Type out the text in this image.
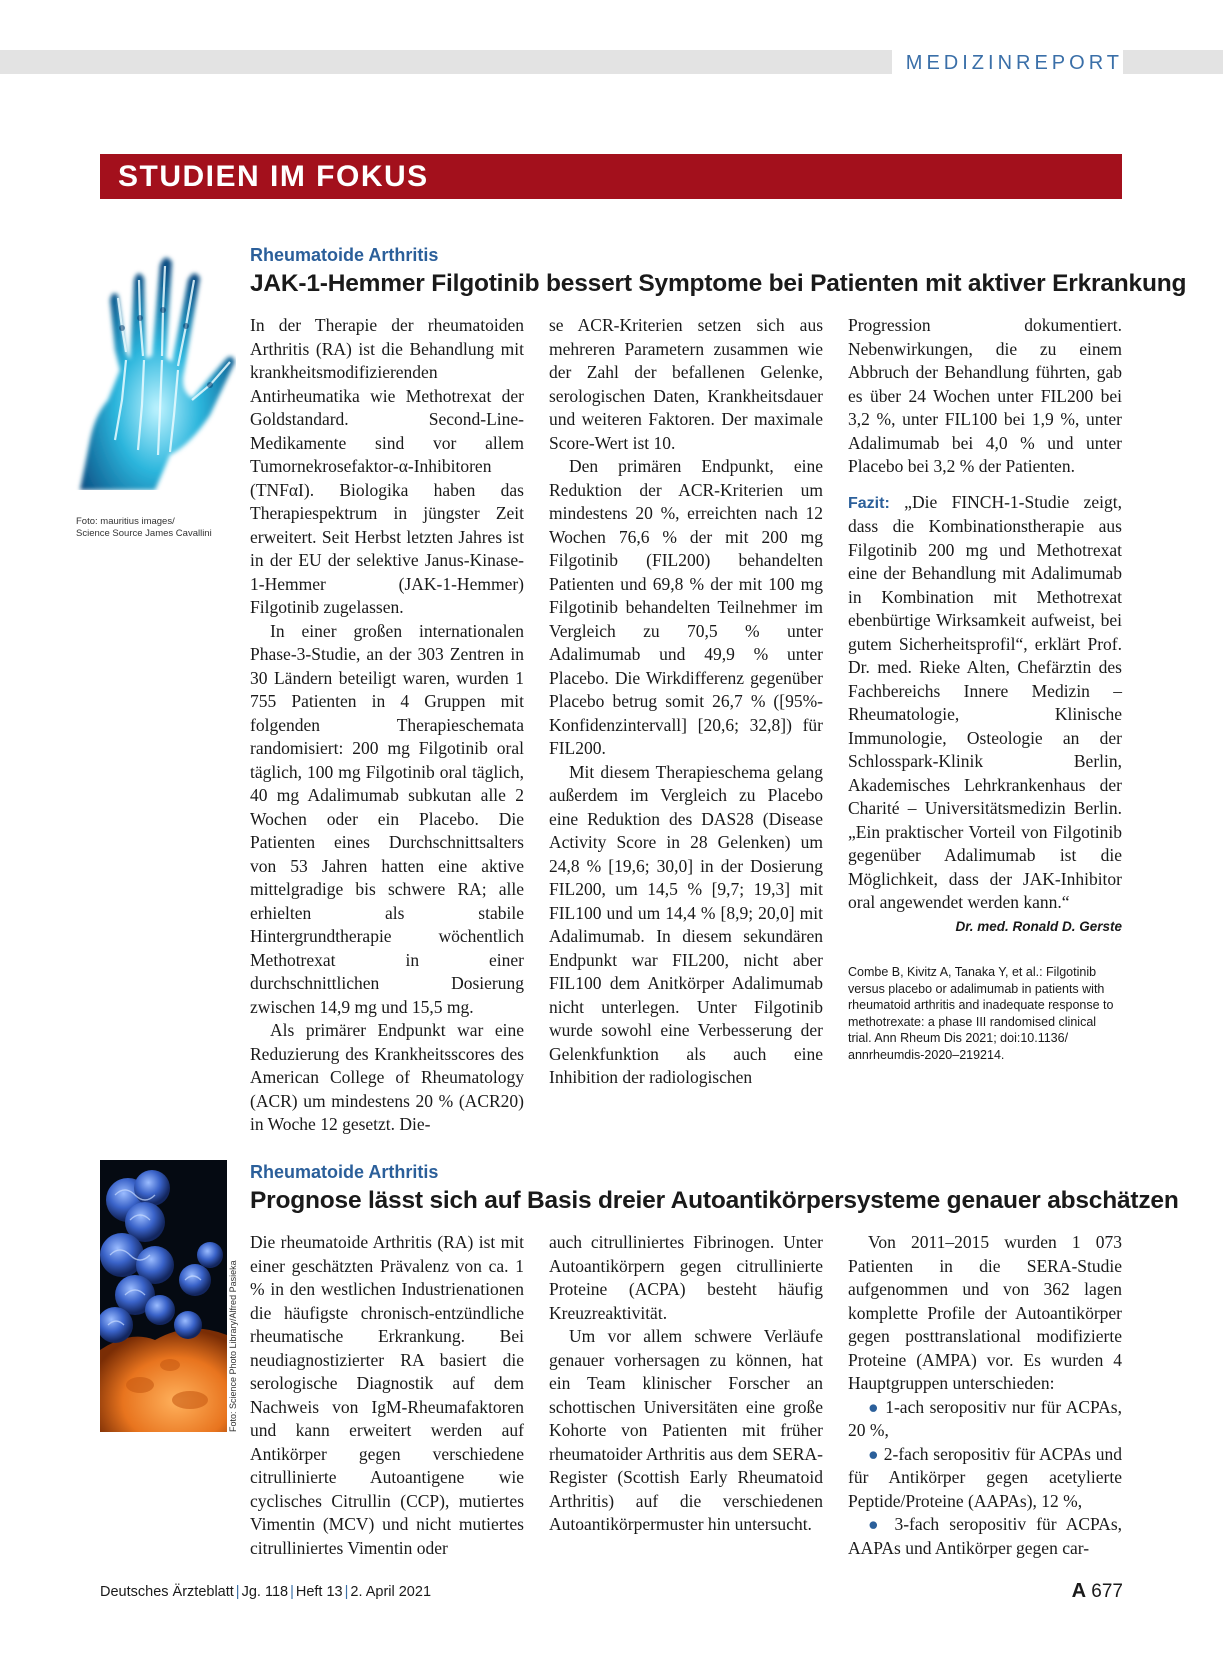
MEDIZINREPORT
STUDIEN IM FOKUS
Foto: mauritius images/
Science Source James Cavallini
Rheumatoide Arthritis
JAK-1-Hemmer Filgotinib bessert Symptome bei Patienten mit aktiver Erkrankung

In der Therapie der rheumatoiden Arthritis (RA) ist die Behandlung mit krankheitsmodifizierenden Antirheumatika wie Methotrexat der Goldstandard. Second-Line-Medikamente sind vor allem Tumornekrosefaktor-α-Inhibitoren (TNFαI). Biologika haben das Therapiespektrum in jüngster Zeit erweitert. Seit Herbst letzten Jahres ist in der EU der selektive Janus-Kinase-1-Hemmer (JAK-1-Hemmer) Filgotinib zugelassen.

In einer großen internationalen Phase-3-Studie, an der 303 Zentren in 30 Ländern beteiligt waren, wurden 1 755 Patienten in 4 Gruppen mit folgenden Therapieschemata randomisiert: 200 mg Filgotinib oral täglich, 100 mg Filgotinib oral täglich, 40 mg Adalimumab subkutan alle 2 Wochen oder ein Placebo. Die Patienten eines Durchschnittsalters von 53 Jahren hatten eine aktive mittelgradige bis schwere RA; alle erhielten als stabile Hintergrundtherapie wöchentlich Methotrexat in einer durchschnittlichen Dosierung zwischen 14,9 mg und 15,5 mg.

Als primärer Endpunkt war eine Reduzierung des Krankheitsscores des American College of Rheumatology (ACR) um mindestens 20 % (ACR20) in Woche 12 gesetzt. Die-

se ACR-Kriterien setzen sich aus mehreren Parametern zusammen wie der Zahl der befallenen Gelenke, serologischen Daten, Krankheitsdauer und weiteren Faktoren. Der maximale Score-Wert ist 10.

Den primären Endpunkt, eine Reduktion der ACR-Kriterien um mindestens 20 %, erreichten nach 12 Wochen 76,6 % der mit 200 mg Filgotinib (FIL200) behandelten Patienten und 69,8 % der mit 100 mg Filgotinib behandelten Teilnehmer im Vergleich zu 70,5 % unter Adalimumab und 49,9 % unter Placebo. Die Wirkdifferenz gegenüber Placebo betrug somit 26,7 % ([95%-Konfidenzintervall] [20,6; 32,8]) für FIL200.

Mit diesem Therapieschema gelang außerdem im Vergleich zu Placebo eine Reduktion des DAS28 (Disease Activity Score in 28 Gelenken) um 24,8 % [19,6; 30,0] in der Dosierung FIL200, um 14,5 % [9,7; 19,3] mit FIL100 und um 14,4 % [8,9; 20,0] mit Adalimumab. In diesem sekundären Endpunkt war FIL200, nicht aber FIL100 dem Anitkörper Adalimumab nicht unterlegen. Unter Filgotinib wurde sowohl eine Verbesserung der Gelenkfunktion als auch eine Inhibition der radiologischen

Progression dokumentiert. Nebenwirkungen, die zu einem Abbruch der Behandlung führten, gab es über 24 Wochen unter FIL200 bei 3,2 %, unter FIL100 bei 1,9 %, unter Adalimumab bei 4,0 % und unter Placebo bei 3,2 % der Patienten.

Fazit: „Die FINCH-1-Studie zeigt, dass die Kombinationstherapie aus Filgotinib 200 mg und Methotrexat eine der Behandlung mit Adalimumab in Kombination mit Methotrexat ebenbürtige Wirksamkeit aufweist, bei gutem Sicherheitsprofil“, erklärt Prof. Dr. med. Rieke Alten, Chefärztin des Fachbereichs Innere Medizin – Rheumatologie, Klinische Immunologie, Osteologie an der Schlosspark-Klinik Berlin, Akademisches Lehrkrankenhaus der Charité – Universitätsmedizin Berlin. „Ein praktischer Vorteil von Filgotinib gegenüber Adalimumab ist die Möglichkeit, dass der JAK-Inhibitor oral angewendet werden kann.“
Dr. med. Ronald D. Gerste

Combe B, Kivitz A, Tanaka Y, et al.: Filgotinib versus placebo or adalimumab in patients with rheumatoid arthritis and inadequate response to methotrexate: a phase III randomised clinical trial. Ann Rheum Dis 2021; doi:10.1136/ annrheumdis-2020–219214.

Foto: Science Photo Library/Alfred Pasieka
Rheumatoide Arthritis
Prognose lässt sich auf Basis dreier Autoantikörpersysteme genauer abschätzen

Die rheumatoide Arthritis (RA) ist mit einer geschätzten Prävalenz von ca. 1 % in den westlichen Industrienationen die häufigste chronisch-entzündliche rheumatische Erkrankung. Bei neudiagnostizierter RA basiert die serologische Diagnostik auf dem Nachweis von IgM-Rheumafaktoren und kann erweitert werden auf Antikörper gegen verschiedene citrullinierte Autoantigene wie cyclisches Citrullin (CCP), mutiertes Vimentin (MCV) und nicht mutiertes citrulliniertes Vimentin oder

auch citrulliniertes Fibrinogen. Unter Autoantikörpern gegen citrullinierte Proteine (ACPA) besteht häufig Kreuzreaktivität.

Um vor allem schwere Verläufe genauer vorhersagen zu können, hat ein Team klinischer Forscher an schottischen Universitäten eine große Kohorte von Patienten mit früher rheumatoider Arthritis aus dem SERA-Register (Scottish Early Rheumatoid Arthritis) auf die verschiedenen Autoantikörpermuster hin untersucht.

Von 2011–2015 wurden 1 073 Patienten in die SERA-Studie aufgenommen und von 362 lagen komplette Profile der Autoantikörper gegen posttranslational modifizierte Proteine (AMPA) vor. Es wurden 4 Hauptgruppen unterschieden:

● 1-ach seropositiv nur für ACPAs, 20 %,

● 2-fach seropositiv für ACPAs und für Antikörper gegen acetylierte Peptide/Proteine (AAPAs), 12 %,

● 3-fach seropositiv für ACPAs, AAPAs und Antikörper gegen car-

Deutsches Ärzteblatt | Jg. 118 | Heft 13 | 2. April 2021	A 677
